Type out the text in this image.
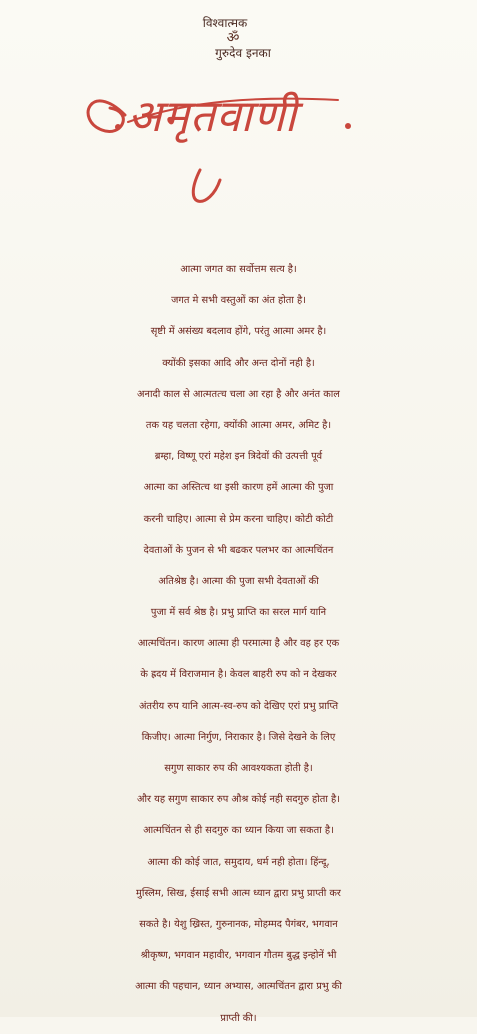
विश्वात्मक
ॐ
गुरुदेव इनका
अमृतवाणी
आत्मा जगत का सर्वोत्तम सत्य है।
जगत मे सभी वस्तुओं का अंत होता है।
सृष्टी में असंख्य बदलाव होंगे, परंतु आत्मा अमर है।
क्योंकी इसका आदि और अन्त दोनों नही है।
अनादी काल से आत्मतत्च चला आ रहा है और अनंत काल
तक यह चलता रहेगा, क्योंकी आत्मा अमर, अमिट है।
ब्रम्हा, विष्णू एरां महेश इन त्रिदेवों की उत्पत्ती पूर्व
आत्मा का अस्तित्च था इसी कारण हमें आत्मा की पुजा
करनी चाहिए। आत्मा से प्रेम करना चाहिए। कोटी कोटी
देवताओं के पुजन से भी बढकर पलभर का आत्मचिंतन
अतिश्रेष्ठ है। आत्मा की पुजा सभी देवताओं की
पुजा में सर्व श्रेष्ठ है। प्रभु प्राप्ति का सरल मार्ग यानि
आत्मचिंतन। कारण आत्मा ही परमात्मा है और वह हर एक
के ह्रदय में विराजमान है। केवल बाहरी रुप को न देखकर
अंतरीय रुप यानि आत्म-स्व-रुप को देखिए एरां प्रभु प्राप्ति
किजीए। आत्मा निर्गुण, निराकार है। जिसे देखने के लिए
सगुण साकार रुप की आवश्यकता होती है।
और यह सगुण साकार रुप औश्र कोई नही सदगुरु होता है।
आत्मचिंतन से ही सदगुरु का ध्यान किया जा सकता है।
आत्मा की कोई जात, समुदाय, धर्म नही होता। हिंन्दू,
मुस्लिम, सिख, ईसाई सभी आत्म ध्यान द्वारा प्रभु प्राप्ती कर
सकते है। येशु ख्रिस्त, गुरुनानक, मोहम्मद पैगंबर, भगवान
श्रीकृष्ण, भगवान महावीर, भगवान गौतम बुद्ध इन्होनें भी
आत्मा की पहचान, ध्यान अभ्यास, आत्मचिंतन द्वारा प्रभु की
प्राप्ती की।
